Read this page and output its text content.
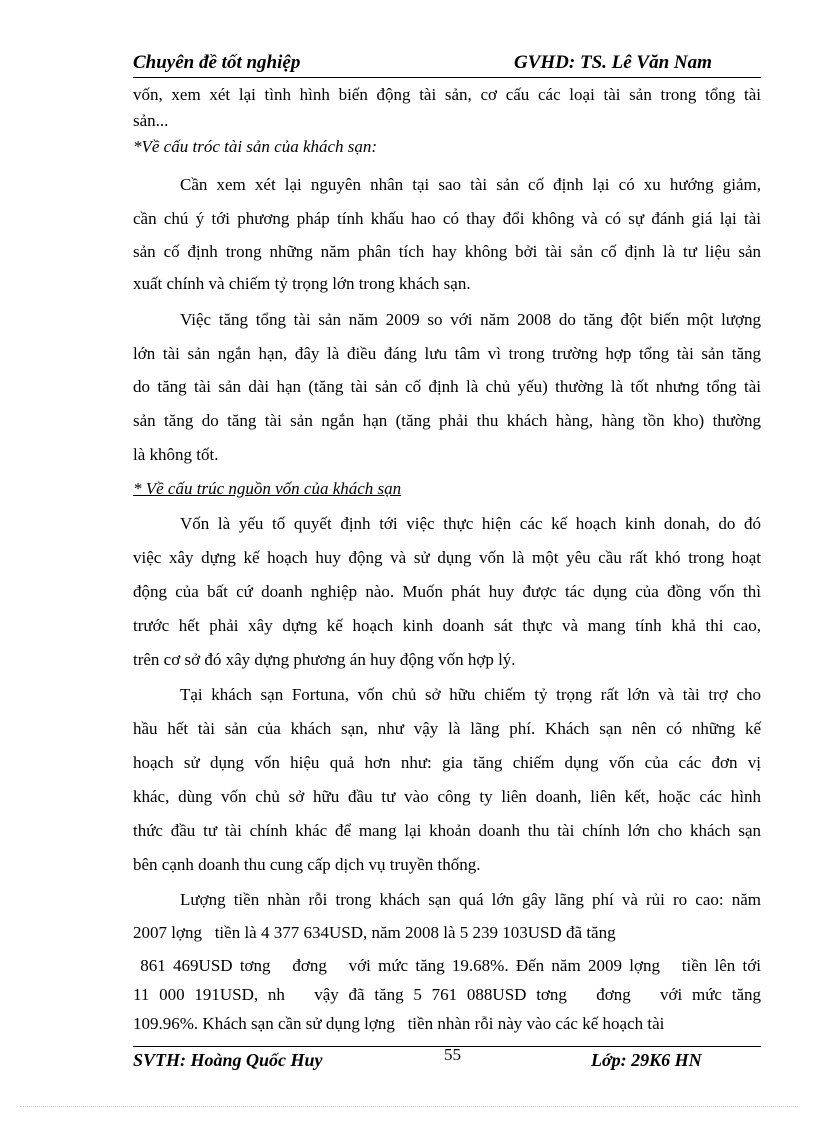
Chuyên đề tốt nghiệp	GVHD: TS. Lê Văn Nam
vốn, xem xét lại tình hình biến động tài sản, cơ cấu các loại tài sản trong tổng tài
sản...
*Về cấu tróc tài sản của khách sạn:
Cần xem xét lại nguyên nhân tại sao tài sản cố định lại có xu hướng giảm,
cần chú ý tới phương pháp tính khấu hao có thay đổi không và có sự đánh giá lại tài
sản cố định trong những năm phân tích hay không bởi tài sản cố định là tư liệu sản
xuất chính và chiếm tỷ trọng lớn trong khách sạn.
Việc tăng tổng tài sản năm 2009 so với năm 2008 do tăng đột biến một lượng
lớn tài sản ngắn hạn, đây là điều đáng lưu tâm vì trong trường hợp tổng tài sản tăng
do tăng tài sản dài hạn (tăng tài sản cố định là chủ yếu) thường là tốt nhưng tổng tài
sản tăng do tăng tài sản ngắn hạn (tăng phải thu khách hàng, hàng tồn kho) thường
là không tốt.
* Về cấu trúc nguồn vốn của khách sạn
Vốn là yếu tố quyết định tới việc thực hiện các kế hoạch kinh donah, do đó
việc xây dựng kế hoạch huy động và sử dụng vốn là một yêu cầu rất khó trong hoạt
động của bất cứ doanh nghiệp nào. Muốn phát huy được tác dụng của đồng vốn thì
trước hết phải xây dựng kế hoạch kinh doanh sát thực và mang tính khả thi cao,
trên cơ sở đó xây dựng phương án huy động vốn hợp lý.
Tại khách sạn Fortuna, vốn chủ sở hữu chiếm tỷ trọng rất lớn và tài trợ cho
hầu hết tài sản của khách sạn, như vậy là lãng phí. Khách sạn nên có những kế
hoạch sử dụng vốn hiệu quả hơn như: gia tăng chiếm dụng vốn của các đơn vị
khác, dùng vốn chủ sở hữu đầu tư vào công ty liên doanh, liên kết, hoặc các hình
thức đầu tư tài chính khác để mang lại khoản doanh thu tài chính lớn cho khách sạn
bên cạnh doanh thu cung cấp dịch vụ truyền thống.
Lượng tiền nhàn rỗi trong khách sạn quá lớn gây lãng phí và rủi ro cao: năm
2007 lợng   tiền là 4 377 634USD, năm 2008 là 5 239 103USD đã tăng
861 469USD tơng   đơng   với mức tăng 19.68%. Đến năm 2009 lợng   tiền lên tới
11 000 191USD, nh   vậy đã tăng 5 761 088USD tơng   đơng   với mức tăng
109.96%. Khách sạn cần sử dụng lợng   tiền nhàn rỗi này vào các kế hoạch tài
SVTH: Hoàng Quốc Huy	55	Lớp: 29K6 HN
